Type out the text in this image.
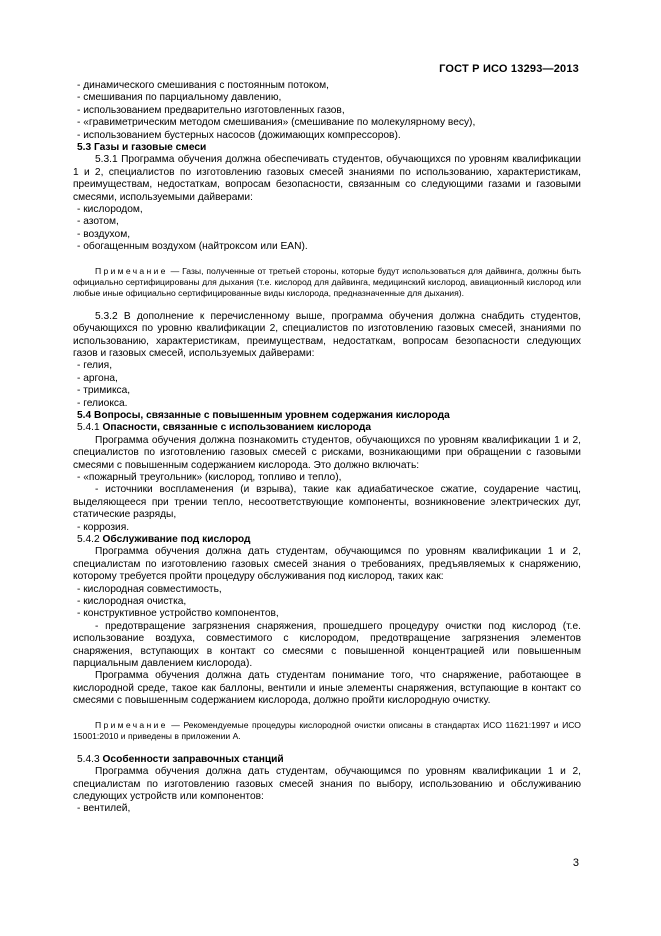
ГОСТ Р ИСО 13293—2013

- динамического смешивания с постоянным потоком,

- смешивания по парциальному давлению,

- использованием предварительно изготовленных газов,

- «гравиметрическим методом смешивания» (смешивание по молекулярному весу),

- использованием бустерных насосов (дожимающих компрессоров).

5.3 Газы и газовые смеси

5.3.1 Программа обучения должна обеспечивать студентов, обучающихся по уровням квалификации 1 и 2, специалистов по изготовлению газовых смесей знаниями по использованию, характеристикам, преимуществам, недостаткам, вопросам безопасности, связанным со следующими газами и газовыми смесями, используемыми дайверами:

- кислородом,

- азотом,

- воздухом,

- обогащенным воздухом (найтроксом или EAN).

Примечание — Газы, полученные от третьей стороны, которые будут использоваться для дайвинга, должны быть официально сертифицированы для дыхания (т.е. кислород для дайвинга, медицинский кислород, авиационный кислород или любые иные официально сертифицированные виды кислорода, предназначенные для дыхания).

5.3.2 В дополнение к перечисленному выше, программа обучения должна снабдить студентов, обучающихся по уровню квалификации 2, специалистов по изготовлению газовых смесей, знаниями по использованию, характеристикам, преимуществам, недостаткам, вопросам безопасности следующих газов и газовых смесей, используемых дайверами:

- гелия,

- аргона,

- тримикса,

- гелиокса.

5.4 Вопросы, связанные с повышенным уровнем содержания кислорода

5.4.1 Опасности, связанные с использованием кислорода

Программа обучения должна познакомить студентов, обучающихся по уровням квалификации 1 и 2, специалистов по изготовлению газовых смесей с рисками, возникающими при обращении с газовыми смесями с повышенным содержанием кислорода. Это должно включать:

- «пожарный треугольник» (кислород, топливо и тепло),

- источники воспламенения (и взрыва), такие как адиабатическое сжатие, соударение частиц, выделяющееся при трении тепло, несоответствующие компоненты, возникновение электрических дуг, статические разряды,

- коррозия.

5.4.2 Обслуживание под кислород

Программа обучения должна дать студентам, обучающимся по уровням квалификации 1 и 2, специалистам по изготовлению газовых смесей знания о требованиях, предъявляемых к снаряжению, которому требуется пройти процедуру обслуживания под кислород, таких как:

- кислородная совместимость,

- кислородная очистка,

- конструктивное устройство компонентов,

- предотвращение загрязнения снаряжения, прошедшего процедуру очистки под кислород (т.е. использование воздуха, совместимого с кислородом, предотвращение загрязнения элементов снаряжения, вступающих в контакт со смесями с повышенной концентрацией или повышенным парциальным давлением кислорода).

Программа обучения должна дать студентам понимание того, что снаряжение, работающее в кислородной среде, такое как баллоны, вентили и иные элементы снаряжения, вступающие в контакт со смесями с повышенным содержанием кислорода, должно пройти кислородную очистку.

Примечание — Рекомендуемые процедуры кислородной очистки описаны в стандартах ИСО 11621:1997 и ИСО 15001:2010 и приведены в приложении А.

5.4.3 Особенности заправочных станций

Программа обучения должна дать студентам, обучающимся по уровням квалификации 1 и 2, специалистам по изготовлению газовых смесей знания по выбору, использованию и обслуживанию следующих устройств или компонентов:

- вентилей,

3
